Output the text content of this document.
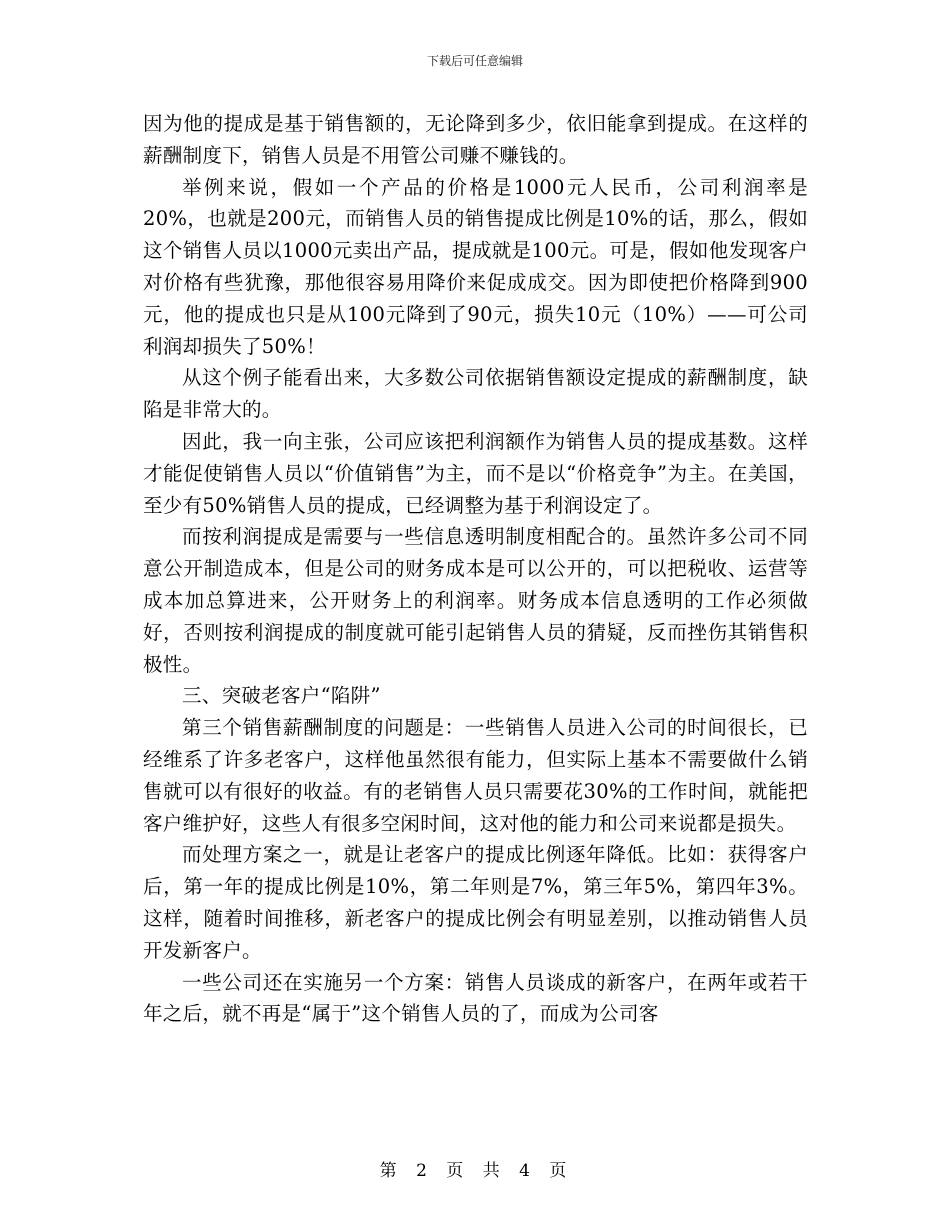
下载后可任意编辑

因为他的提成是基于销售额的，无论降到多少，依旧能拿到提成。在这样的薪酬制度下，销售人员是不用管公司赚不赚钱的。

举例来说，假如一个产品的价格是1000元人民币，公司利润率是20%，也就是200元，而销售人员的销售提成比例是10%的话，那么，假如这个销售人员以1000元卖出产品，提成就是100元。可是，假如他发现客户对价格有些犹豫，那他很容易用降价来促成成交。因为即使把价格降到900元，他的提成也只是从100元降到了90元，损失10元（10%）——可公司利润却损失了50%！

从这个例子能看出来，大多数公司依据销售额设定提成的薪酬制度，缺陷是非常大的。

因此，我一向主张，公司应该把利润额作为销售人员的提成基数。这样才能促使销售人员以“价值销售”为主，而不是以“价格竞争”为主。在美国，至少有50%销售人员的提成，已经调整为基于利润设定了。

而按利润提成是需要与一些信息透明制度相配合的。虽然许多公司不同意公开制造成本，但是公司的财务成本是可以公开的，可以把税收、运营等成本加总算进来，公开财务上的利润率。财务成本信息透明的工作必须做好，否则按利润提成的制度就可能引起销售人员的猜疑，反而挫伤其销售积极性。

三、突破老客户“陷阱”

第三个销售薪酬制度的问题是：一些销售人员进入公司的时间很长，已经维系了许多老客户，这样他虽然很有能力，但实际上基本不需要做什么销售就可以有很好的收益。有的老销售人员只需要花30%的工作时间，就能把客户维护好，这些人有很多空闲时间，这对他的能力和公司来说都是损失。

而处理方案之一，就是让老客户的提成比例逐年降低。比如：获得客户后，第一年的提成比例是10%，第二年则是7%，第三年5%，第四年3%。这样，随着时间推移，新老客户的提成比例会有明显差别，以推动销售人员开发新客户。

一些公司还在实施另一个方案：销售人员谈成的新客户，在两年或若干年之后，就不再是“属于”这个销售人员的了，而成为公司客

第 2 页 共 4 页
